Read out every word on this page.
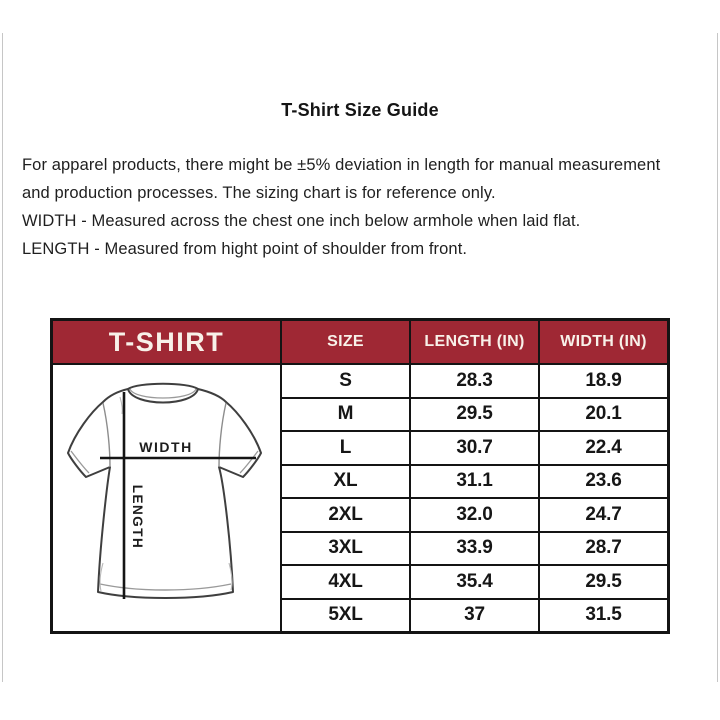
T-Shirt Size Guide

For apparel products, there might be ±5% deviation in length for manual measurement and production processes. The sizing chart is for reference only.

WIDTH - Measured across the chest one inch below armhole when laid flat.

LENGTH - Measured from hight point of shoulder from front.

T-SHIRT	SIZE	LENGTH (IN)	WIDTH (IN)
WIDTH
LENGTH
S	28.3	18.9
M	29.5	20.1
L	30.7	22.4
XL	31.1	23.6
2XL	32.0	24.7
3XL	33.9	28.7
4XL	35.4	29.5
5XL	37	31.5
